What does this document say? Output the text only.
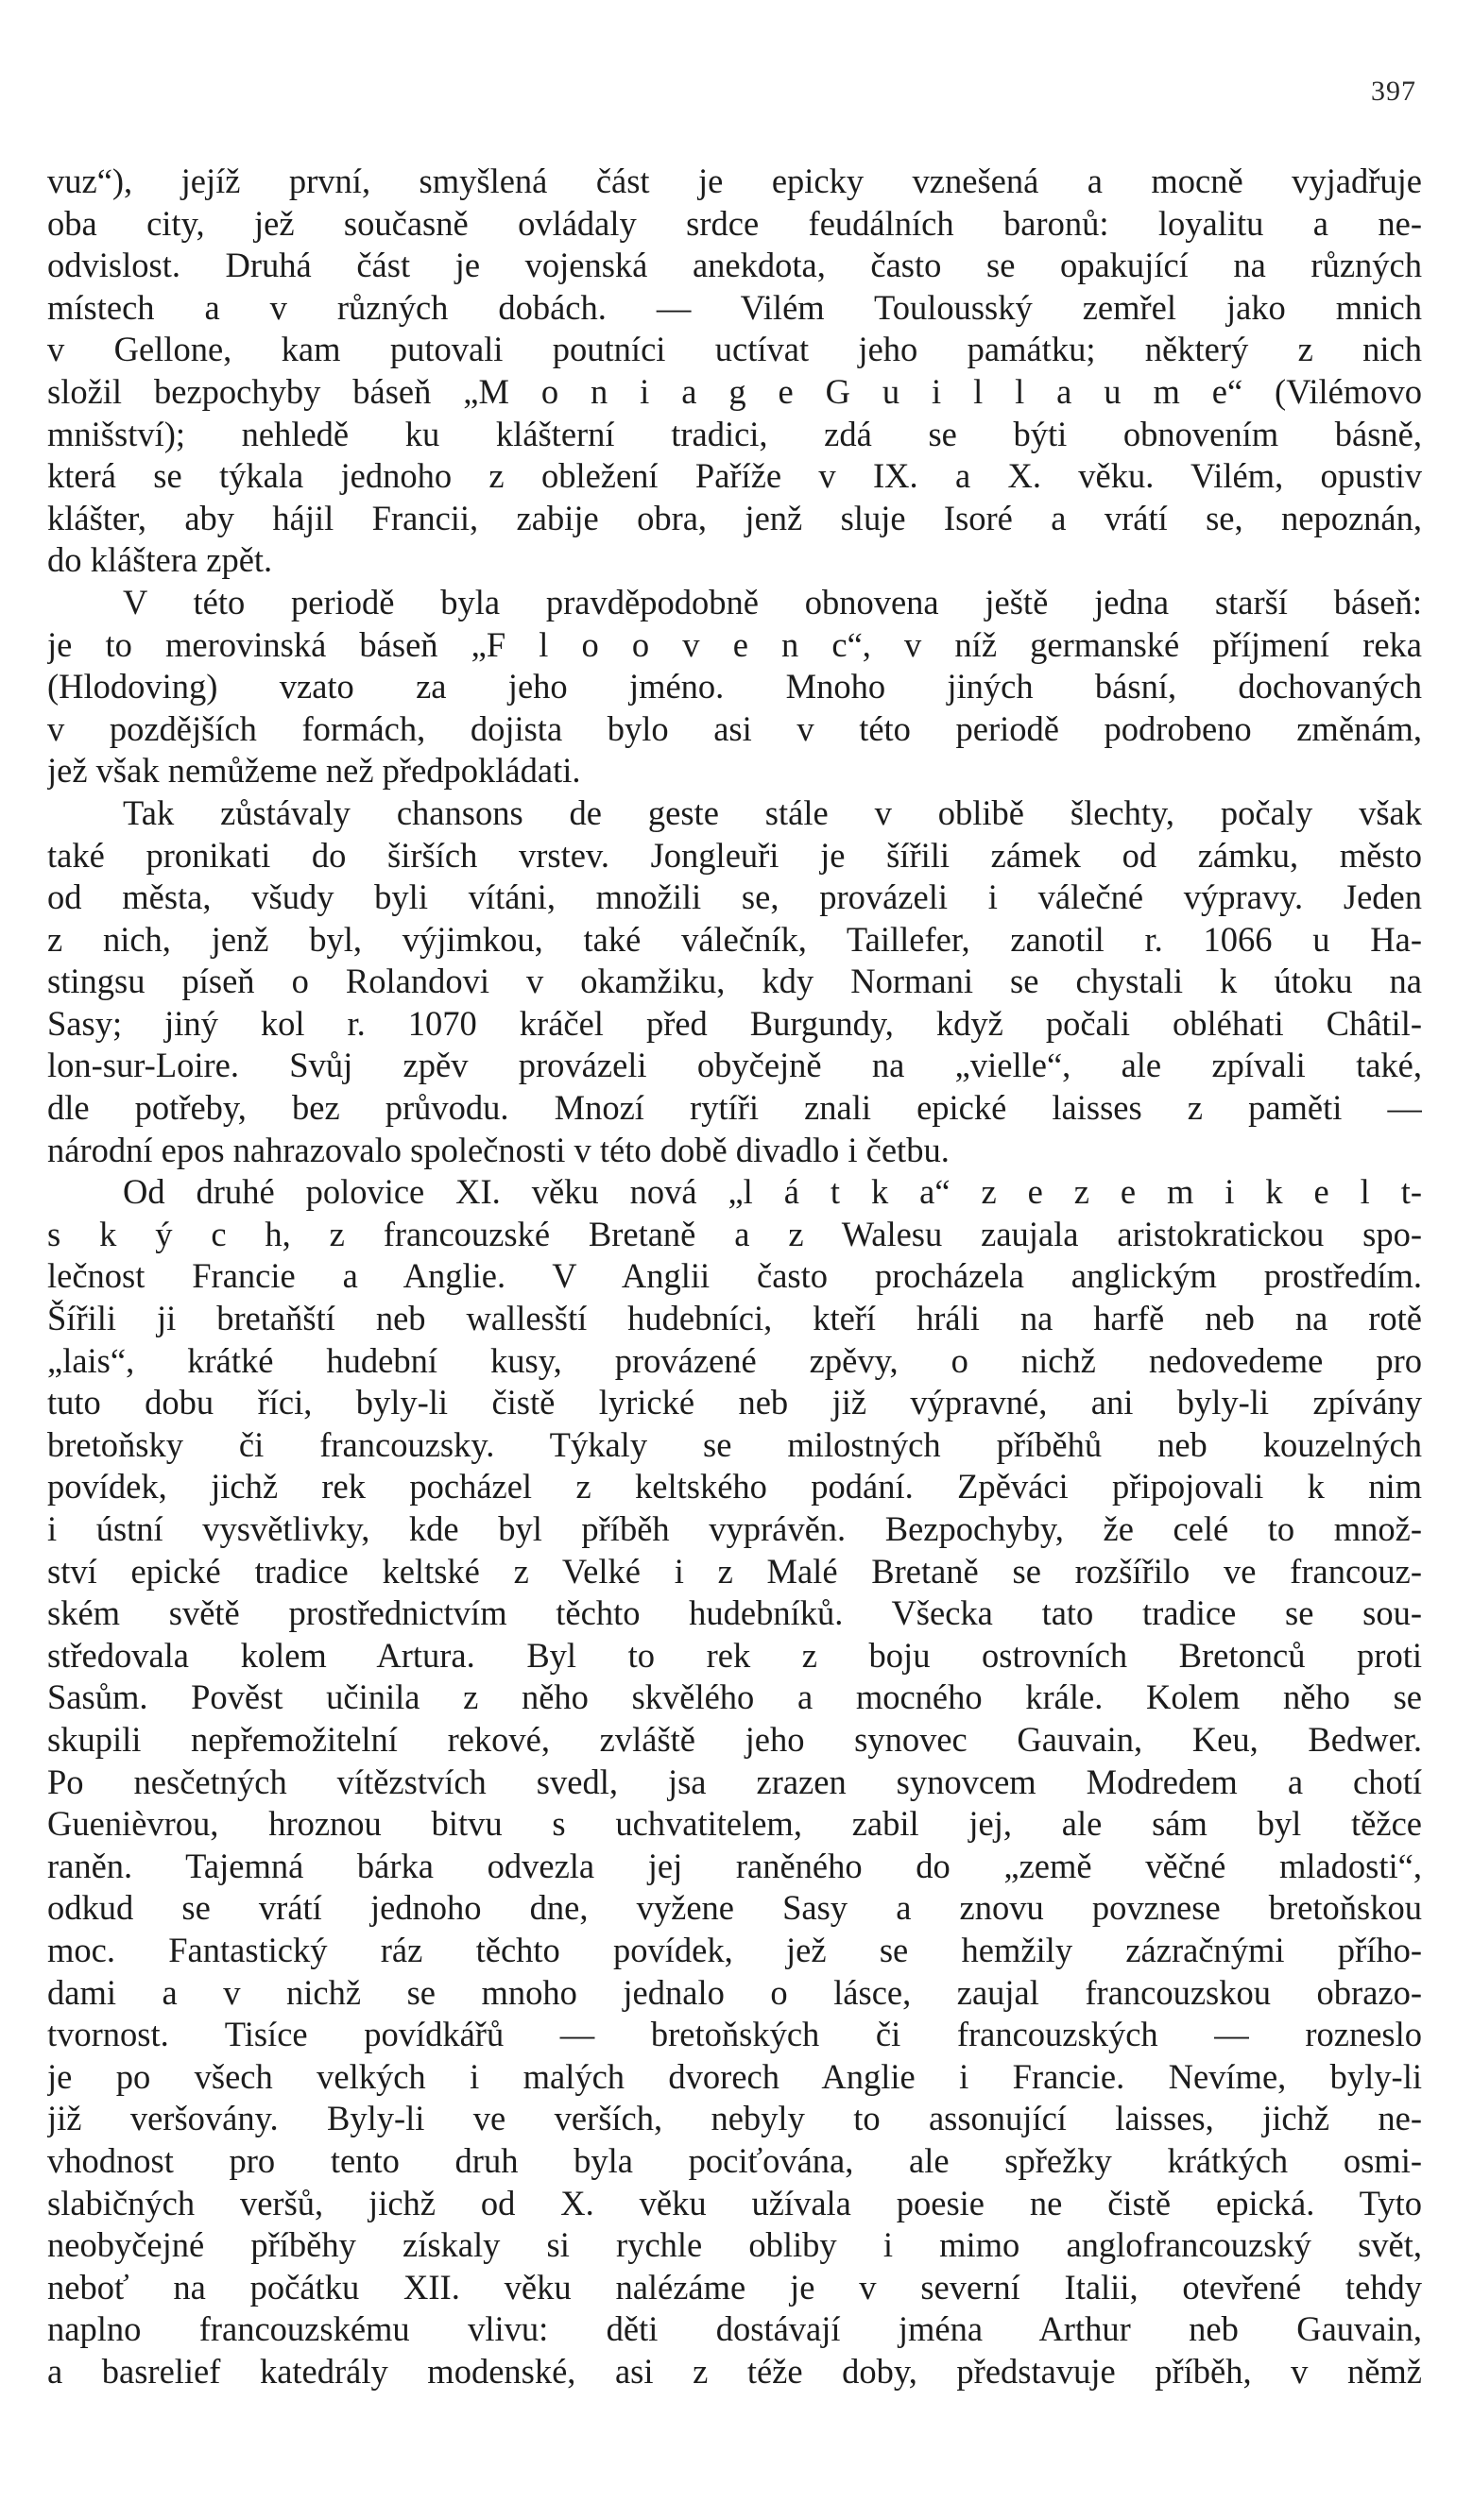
397
vuz“), jejíž první, smyšlená část je epicky vznešená a mocně vyjadřuje
oba city, jež současně ovládaly srdce feudálních baronů: loyalitu a ne-
odvislost. Druhá část je vojenská anekdota, často se opakující na různých
místech a v různých dobách. — Vilém Toulousský zemřel jako mnich
v Gellone, kam putovali poutníci uctívat jeho památku; některý z nich
složil bezpochyby báseň „M o n i a g e G u i l l a u m e“ (Vilémovo
mnišství); nehledě ku klášterní tradici, zdá se býti obnovením básně,
která se týkala jednoho z obležení Paříže v IX. a X. věku. Vilém, opustiv
klášter, aby hájil Francii, zabije obra, jenž sluje Isoré a vrátí se, nepoznán,
do kláštera zpět.
V této periodě byla pravděpodobně obnovena ještě jedna starší báseň:
je to merovinská báseň „F l o o v e n c“, v níž germanské příjmení reka
(Hlodoving) vzato za jeho jméno. Mnoho jiných básní, dochovaných
v pozdějších formách, dojista bylo asi v této periodě podrobeno změnám,
jež však nemůžeme než předpokládati.
Tak zůstávaly chansons de geste stále v oblibě šlechty, počaly však
také pronikati do širších vrstev. Jongleuři je šířili zámek od zámku, město
od města, všudy byli vítáni, množili se, provázeli i válečné výpravy. Jeden
z nich, jenž byl, výjimkou, také válečník, Taillefer, zanotil r. 1066 u Ha-
stingsu píseň o Rolandovi v okamžiku, kdy Normani se chystali k útoku na
Sasy; jiný kol r. 1070 kráčel před Burgundy, když počali obléhati Châtil-
lon-sur-Loire. Svůj zpěv provázeli obyčejně na „vielle“, ale zpívali také,
dle potřeby, bez průvodu. Mnozí rytíři znali epické laisses z paměti —
národní epos nahrazovalo společnosti v této době divadlo i četbu.
Od druhé polovice XI. věku nová „l á t k a“ z e z e m i k e l t-
s k ý c h, z francouzské Bretaně a z Walesu zaujala aristokratickou spo-
lečnost Francie a Anglie. V Anglii často procházela anglickým prostředím.
Šířili ji bretaňští neb wallesští hudebníci, kteří hráli na harfě neb na rotě
„lais“, krátké hudební kusy, provázené zpěvy, o nichž nedovedeme pro
tuto dobu říci, byly-li čistě lyrické neb již výpravné, ani byly-li zpívány
bretoňsky či francouzsky. Týkaly se milostných příběhů neb kouzelných
povídek, jichž rek pocházel z keltského podání. Zpěváci připojovali k nim
i ústní vysvětlivky, kde byl příběh vyprávěn. Bezpochyby, že celé to množ-
ství epické tradice keltské z Velké i z Malé Bretaně se rozšířilo ve francouz-
ském světě prostřednictvím těchto hudebníků. Všecka tato tradice se sou-
středovala kolem Artura. Byl to rek z boju ostrovních Bretonců proti
Sasům. Pověst učinila z něho skvělého a mocného krále. Kolem něho se
skupili nepřemožitelní rekové, zvláště jeho synovec Gauvain, Keu, Bedwer.
Po nesčetných vítězstvích svedl, jsa zrazen synovcem Modredem a chotí
Guenièvrou, hroznou bitvu s uchvatitelem, zabil jej, ale sám byl těžce
raněn. Tajemná bárka odvezla jej raněného do „země věčné mladosti“,
odkud se vrátí jednoho dne, vyžene Sasy a znovu povznese bretoňskou
moc. Fantastický ráz těchto povídek, jež se hemžily zázračnými přího-
dami a v nichž se mnoho jednalo o lásce, zaujal francouzskou obrazo-
tvornost. Tisíce povídkářů — bretoňských či francouzských — rozneslo
je po všech velkých i malých dvorech Anglie i Francie. Nevíme, byly-li
již veršovány. Byly-li ve verších, nebyly to assonující laisses, jichž ne-
vhodnost pro tento druh byla pociťována, ale spřežky krátkých osmi-
slabičných veršů, jichž od X. věku užívala poesie ne čistě epická. Tyto
neobyčejné příběhy získaly si rychle obliby i mimo anglofrancouzský svět,
neboť na počátku XII. věku nalézáme je v severní Italii, otevřené tehdy
naplno francouzskému vlivu: děti dostávají jména Arthur neb Gauvain,
a basrelief katedrály modenské, asi z téže doby, představuje příběh, v němž
